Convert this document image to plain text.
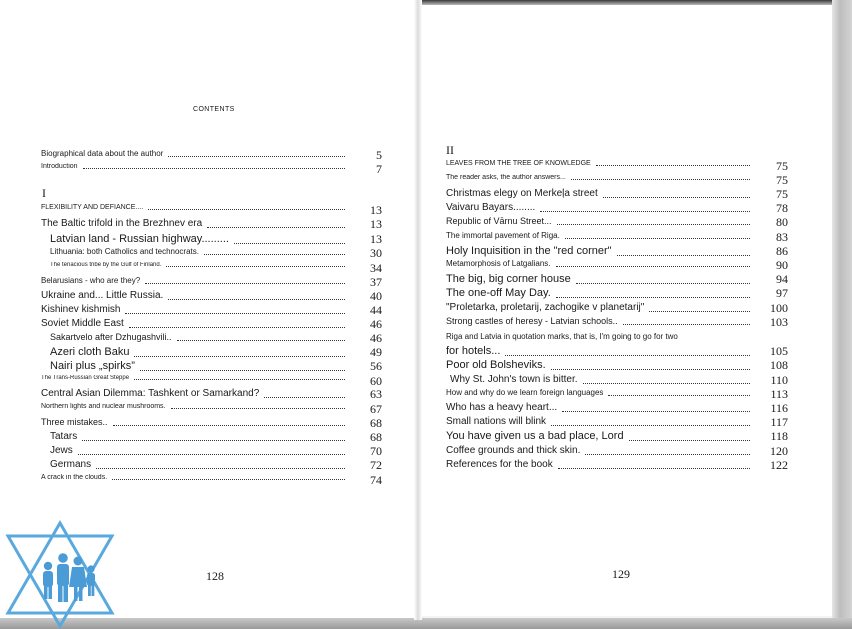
CONTENTS
I
II
Biographical data about the author	5
Introduction	7
FLEXIBILITY AND DEFIANCE....	13
The Baltic trifold in the Brezhnev era	13
Latvian land - Russian highway.........	13
Lithuania: both Catholics and technocrats.	30
The tenacious tribe by the Gulf of Finland.	34
Belarusians - who are they?	37
Ukraine and... Little Russia.	40
Kishinev kishmish	44
Soviet Middle East	46
Sakartvelo after Dzhugashvili..	46
Azeri cloth Baku	49
Nairi plus „spirks”	56
The Trans-Russian Great Steppe	60
Central Asian Dilemma: Tashkent or Samarkand?	63
Northern lights and nuclear mushrooms.	67
Three mistakes..	68
Tatars	68
Jews	70
Germans	72
A crack in the clouds.	74
LEAVES FROM THE TREE OF KNOWLEDGE	75
The reader asks, the author answers...	75
Christmas elegy on Merkeļa street	75
Vaivaru Bayars........	78
Republic of Vārnu Street...	80
The immortal pavement of Riga.	83
Holy Inquisition in the "red corner"	86
Metamorphosis of Latgalians.	90
The big, big corner house	94
The one-off May Day.	97
"Proletarka, proletarij, zachogike v planetarij"	100
Strong castles of heresy - Latvian schools..	103
Riga and Latvia in quotation marks, that is, I'm going to go for two
for hotels...	105
Poor old Bolsheviks.	108
Why St. John's town is bitter.	110
How and why do we learn foreign languages	113
Who has a heavy heart...	116
Small nations will blink	117
You have given us a bad place, Lord	118
Coffee grounds and thick skin.	120
References for the book	122
128	129
